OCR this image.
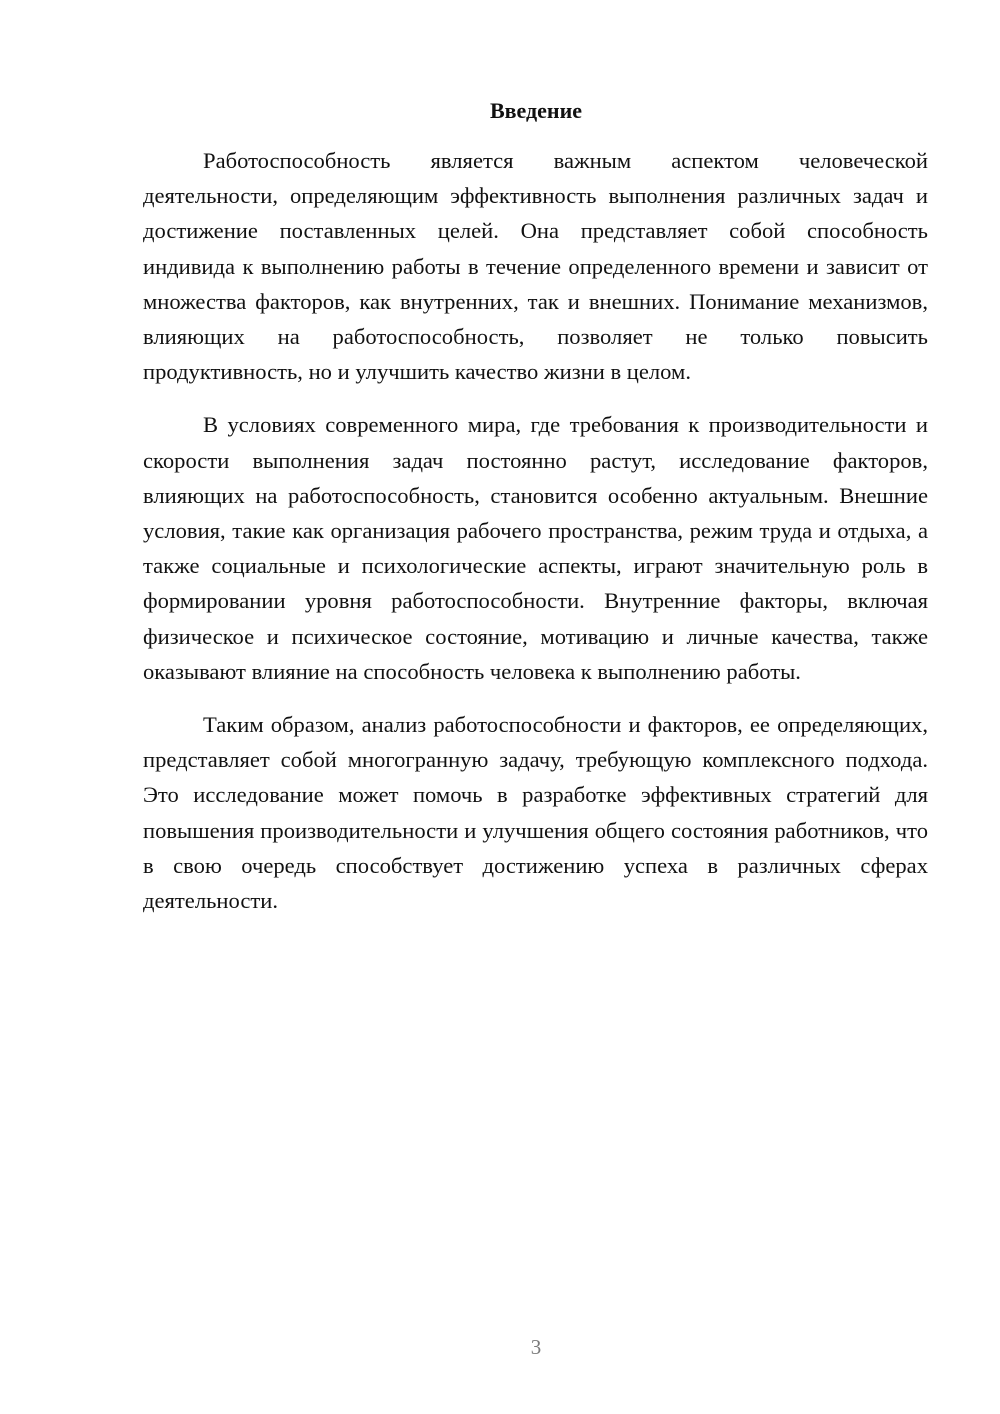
Введение

Работоспособность является важным аспектом человеческой деятельности, определяющим эффективность выполнения различных задач и достижение поставленных целей. Она представляет собой способность индивида к выполнению работы в течение определенного времени и зависит от множества факторов, как внутренних, так и внешних. Понимание механизмов, влияющих на работоспособность, позволяет не только повысить продуктивность, но и улучшить качество жизни в целом.

В условиях современного мира, где требования к производительности и скорости выполнения задач постоянно растут, исследование факторов, влияющих на работоспособность, становится особенно актуальным. Внешние условия, такие как организация рабочего пространства, режим труда и отдыха, а также социальные и психологические аспекты, играют значительную роль в формировании уровня работоспособности. Внутренние факторы, включая физическое и психическое состояние, мотивацию и личные качества, также оказывают влияние на способность человека к выполнению работы.

Таким образом, анализ работоспособности и факторов, ее определяющих, представляет собой многогранную задачу, требующую комплексного подхода. Это исследование может помочь в разработке эффективных стратегий для повышения производительности и улучшения общего состояния работников, что в свою очередь способствует достижению успеха в различных сферах деятельности.

3
